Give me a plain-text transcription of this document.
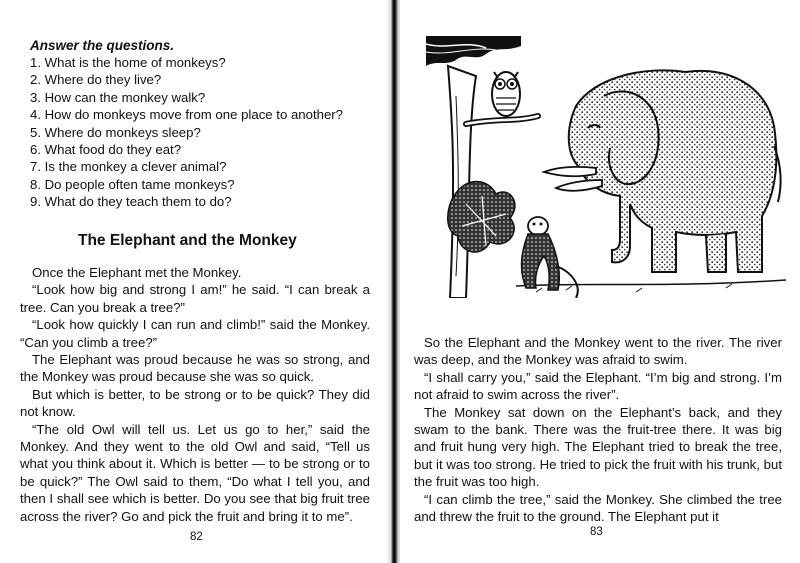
Answer the questions.
1. What is the home of monkeys?
2. Where do they live?
3. How can the monkey walk?
4. How do monkeys move from one place to another?
5. Where do monkeys sleep?
6. What food do they eat?
7. Is the monkey a clever animal?
8. Do people often tame monkeys?
9. What do they teach them to do?
The Elephant and the Monkey

Once the Elephant met the Monkey.

“Look how big and strong I am!” he said. “I can break a tree. Can you break a tree?”

“Look how quickly I can run and climb!” said the Monkey. “Can you climb a tree?”

The Elephant was proud because he was so strong, and the Monkey was proud because she was so quick.

But which is better, to be strong or to be quick? They did not know.

“The old Owl will tell us. Let us go to her,” said the Monkey. And they went to the old Owl and said, “Tell us what you think about it. Which is better — to be strong or to be quick?” The Owl said to them, “Do what I tell you, and then I shall see which is better. Do you see that big fruit tree across the river? Go and pick the fruit and bring it to me”.

82

So the Elephant and the Monkey went to the river. The river was deep, and the Monkey was afraid to swim.

“I shall carry you,” said the Elephant. “I’m big and strong. I’m not afraid to swim across the river”.

The Monkey sat down on the Elephant’s back, and they swam to the bank. There was the fruit-tree there. It was big and fruit hung very high. The Elephant tried to break the tree, but it was too strong. He tried to pick the fruit with his trunk, but the fruit was too high.

“I can climb the tree,” said the Monkey. She climbed the tree and threw the fruit to the ground. The Elephant put it

83
